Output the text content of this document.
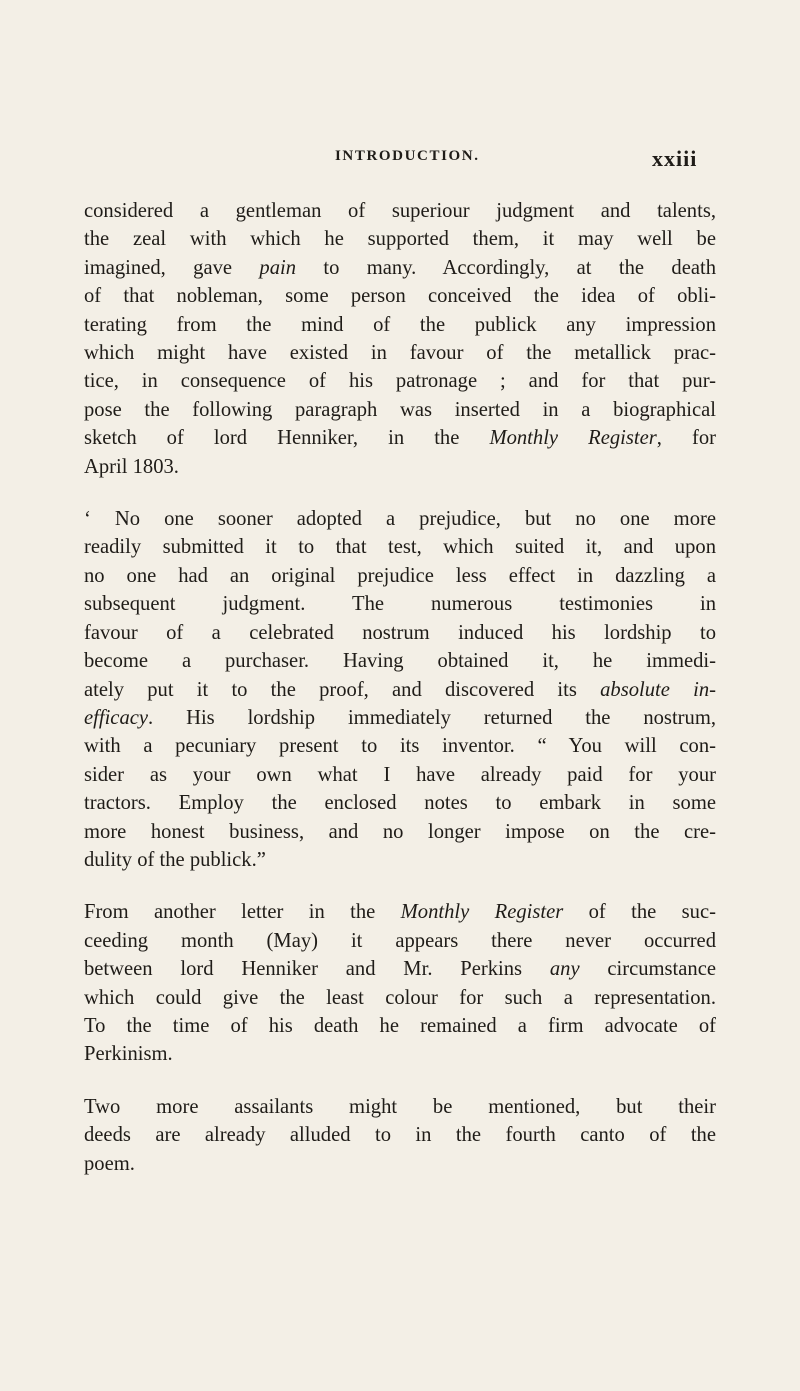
INTRODUCTION.	xxiii

considered a gentleman of superiour judgment and talents,
the zeal with which he supported them, it may well be
imagined, gave pain to many. Accordingly, at the death
of that nobleman, some person conceived the idea of obli-
terating from the mind of the publick any impression
which might have existed in favour of the metallick prac-
tice, in consequence of his patronage ; and for that pur-
pose the following paragraph was inserted in a biographical
sketch of lord Henniker, in the Monthly Register, for
April 1803.

‘ No one sooner adopted a prejudice, but no one more
readily submitted it to that test, which suited it, and upon
no one had an original prejudice less effect in dazzling a
subsequent judgment. The numerous testimonies in
favour of a celebrated nostrum induced his lordship to
become a purchaser. Having obtained it, he immedi-
ately put it to the proof, and discovered its absolute in-
efficacy. His lordship immediately returned the nostrum,
with a pecuniary present to its inventor. “ You will con-
sider as your own what I have already paid for your
tractors. Employ the enclosed notes to embark in some
more honest business, and no longer impose on the cre-
dulity of the publick.”

From another letter in the Monthly Register of the suc-
ceeding month (May) it appears there never occurred
between lord Henniker and Mr. Perkins any circumstance
which could give the least colour for such a representation.
To the time of his death he remained a firm advocate of
Perkinism.

Two more assailants might be mentioned, but their
deeds are already alluded to in the fourth canto of the
poem.
